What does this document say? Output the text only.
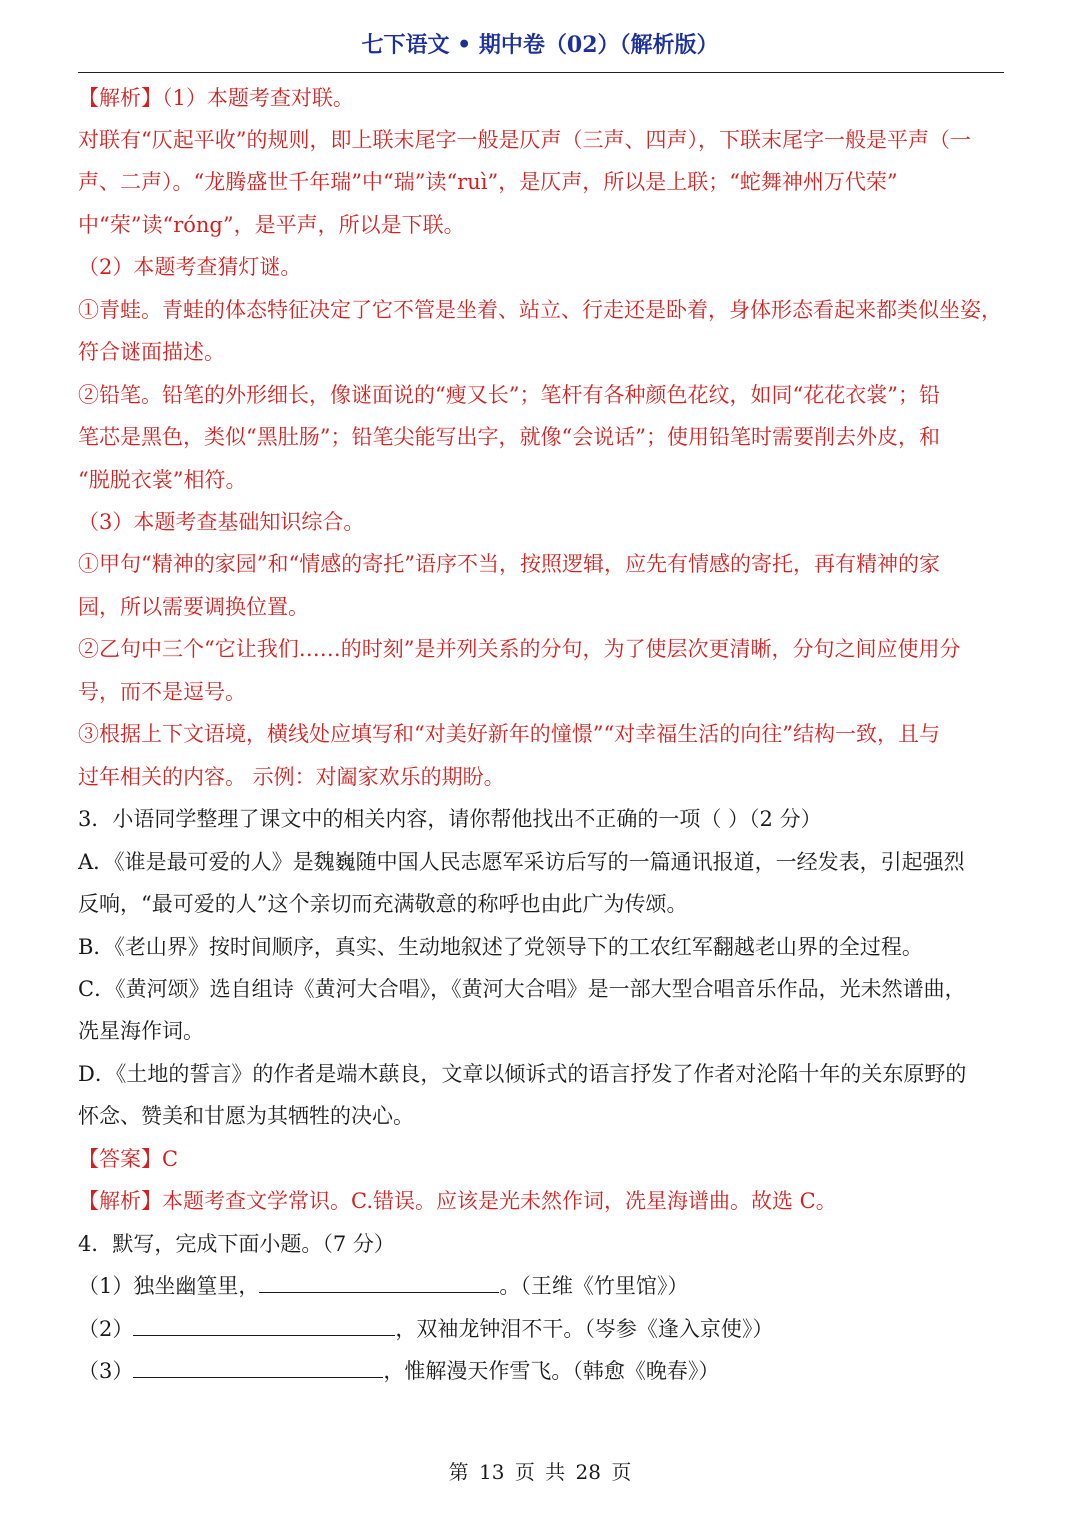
七下语文 • 期中卷（02）（解析版）
【解析】（1）本题考查对联。
对联有“仄起平收”的规则，即上联末尾字一般是仄声（三声、四声），下联末尾字一般是平声（一
声、二声）。“龙腾盛世千年瑞”中“瑞”读“ruì”，是仄声，所以是上联；“蛇舞神州万代荣”
中“荣”读“róng”，是平声，所以是下联。
（2）本题考查猜灯谜。
①青蛙。青蛙的体态特征决定了它不管是坐着、站立、行走还是卧着，身体形态看起来都类似坐姿，
符合谜面描述。
②铅笔。铅笔的外形细长，像谜面说的“瘦又长”；笔杆有各种颜色花纹，如同“花花衣裳”；铅
笔芯是黑色，类似“黑肚肠”；铅笔尖能写出字，就像“会说话”；使用铅笔时需要削去外皮，和
“脱脱衣裳”相符。
（3）本题考查基础知识综合。
①甲句“精神的家园”和“情感的寄托”语序不当，按照逻辑，应先有情感的寄托，再有精神的家
园，所以需要调换位置。
②乙句中三个“它让我们……的时刻”是并列关系的分句，为了使层次更清晰，分句之间应使用分
号，而不是逗号。
③根据上下文语境，横线处应填写和“对美好新年的憧憬”“对幸福生活的向往”结构一致，且与
过年相关的内容。 示例：对阖家欢乐的期盼。
3．小语同学整理了课文中的相关内容，请你帮他找出不正确的一项（ ）（2 分）
A．《谁是最可爱的人》是魏巍随中国人民志愿军采访后写的一篇通讯报道，一经发表，引起强烈
反响，“最可爱的人”这个亲切而充满敬意的称呼也由此广为传颂。
B．《老山界》按时间顺序，真实、生动地叙述了党领导下的工农红军翻越老山界的全过程。
C．《黄河颂》选自组诗《黄河大合唱》，《黄河大合唱》是一部大型合唱音乐作品，光未然谱曲，
冼星海作词。
D．《土地的誓言》的作者是端木蕻良，文章以倾诉式的语言抒发了作者对沦陷十年的关东原野的
怀念、赞美和甘愿为其牺牲的决心。
【答案】C
【解析】本题考查文学常识。C.错误。应该是光未然作词，冼星海谱曲。故选 C。
4．默写，完成下面小题。（7 分）
（1）独坐幽篁里，	。（王维《竹里馆》）
（2）	，双袖龙钟泪不干。（岑参《逢入京使》）
（3）	，惟解漫天作雪飞。（韩愈《晚春》）
第 13 页 共 28 页
